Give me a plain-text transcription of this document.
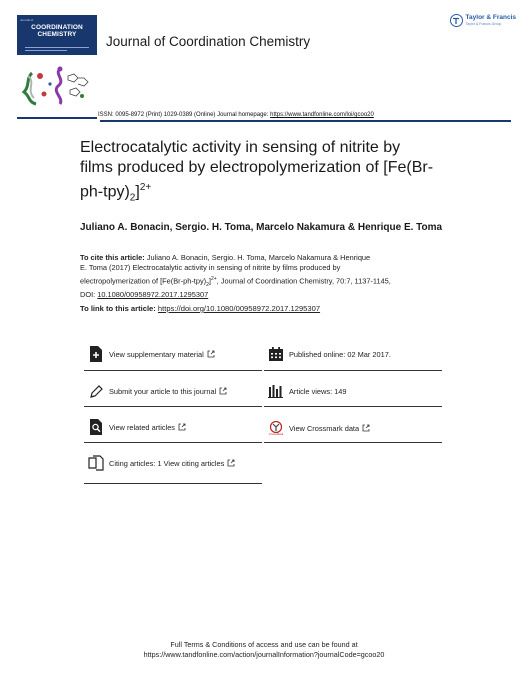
Taylor & Francis
Taylor & Francis Group
Journal of
COORDINATION
CHEMISTRY	Journal of Coordination Chemistry
ISSN: 0095-8972 (Print) 1029-0389 (Online) Journal homepage: https://www.tandfonline.com/loi/gcoo20
Electrocatalytic activity in sensing of nitrite by
films produced by electropolymerization of [Fe(Br-
$ph-tpy)_2]^{2+}$
Juliano A. Bonacin, Sergio. H. Toma, Marcelo Nakamura & Henrique E. Toma
To cite this article: Juliano A. Bonacin, Sergio. H. Toma, Marcelo Nakamura & Henrique
E. Toma (2017) Electrocatalytic activity in sensing of nitrite by films produced by
electropolymerization of $[Fe(Br-ph-tpy)_2]^{2+}$, Journal of Coordination Chemistry, 70:7, 1137-1145,
DOI: 10.1080/00958972.2017.1295307
To link to this article: https://doi.org/10.1080/00958972.2017.1295307
View supplementary material
Submit your article to this journal
View related articles
Citing articles: 1 View citing articles
Published online: 02 Mar 2017.
Article views: 149
CrossMark
View Crossmark data
Full Terms & Conditions of access and use can be found at
https://www.tandfonline.com/action/journalInformation?journalCode=gcoo20
